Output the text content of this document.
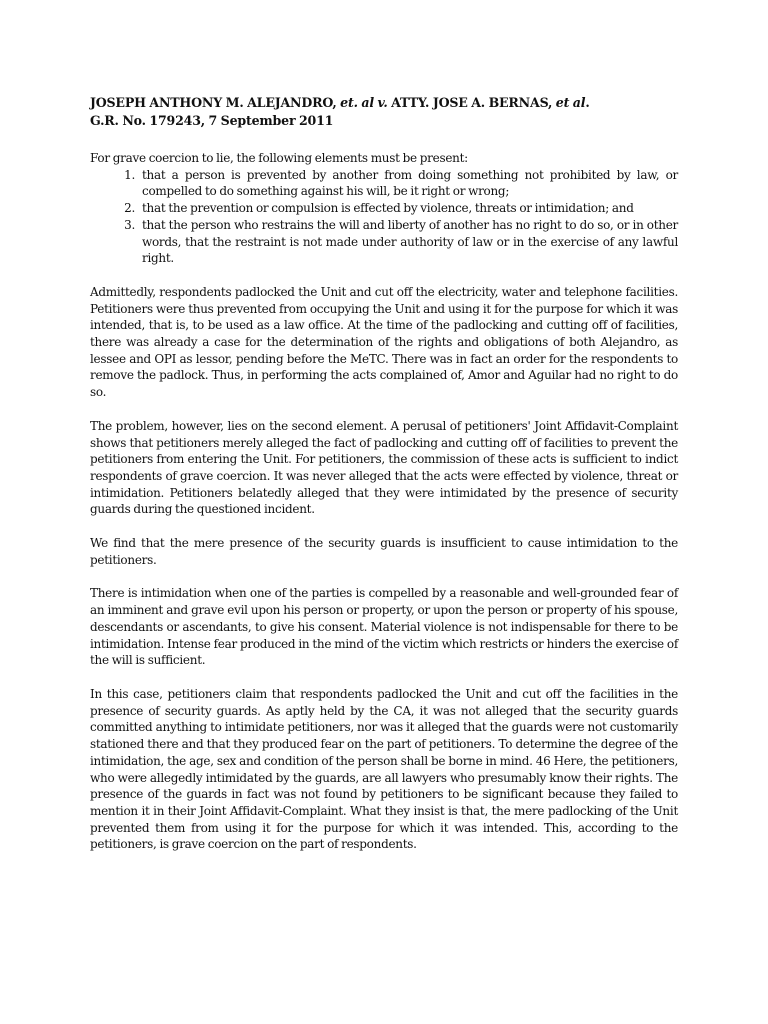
JOSEPH ANTHONY M. ALEJANDRO, et. al v. ATTY. JOSE A. BERNAS, et al.
G.R. No. 179243, 7 September 2011

For grave coercion to lie, the following elements must be present:

1. that a person is prevented by another from doing something not prohibited by law, or compelled to do something against his will, be it right or wrong;
2. that the prevention or compulsion is effected by violence, threats or intimidation; and
3. that the person who restrains the will and liberty of another has no right to do so, or in other words, that the restraint is not made under authority of law or in the exercise of any lawful right.

Admittedly, respondents padlocked the Unit and cut off the electricity, water and telephone facilities. Petitioners were thus prevented from occupying the Unit and using it for the purpose for which it was intended, that is, to be used as a law office. At the time of the padlocking and cutting off of facilities, there was already a case for the determination of the rights and obligations of both Alejandro, as lessee and OPI as lessor, pending before the MeTC. There was in fact an order for the respondents to remove the padlock. Thus, in performing the acts complained of, Amor and Aguilar had no right to do so.

The problem, however, lies on the second element. A perusal of petitioners' Joint Affidavit-Complaint shows that petitioners merely alleged the fact of padlocking and cutting off of facilities to prevent the petitioners from entering the Unit. For petitioners, the commission of these acts is sufficient to indict respondents of grave coercion. It was never alleged that the acts were effected by violence, threat or intimidation. Petitioners belatedly alleged that they were intimidated by the presence of security guards during the questioned incident.

We find that the mere presence of the security guards is insufficient to cause intimidation to the petitioners.

There is intimidation when one of the parties is compelled by a reasonable and well-grounded fear of an imminent and grave evil upon his person or property, or upon the person or property of his spouse, descendants or ascendants, to give his consent. Material violence is not indispensable for there to be intimidation. Intense fear produced in the mind of the victim which restricts or hinders the exercise of the will is sufficient.

In this case, petitioners claim that respondents padlocked the Unit and cut off the facilities in the presence of security guards. As aptly held by the CA, it was not alleged that the security guards committed anything to intimidate petitioners, nor was it alleged that the guards were not customarily stationed there and that they produced fear on the part of petitioners. To determine the degree of the intimidation, the age, sex and condition of the person shall be borne in mind. 46 Here, the petitioners, who were allegedly intimidated by the guards, are all lawyers who presumably know their rights. The presence of the guards in fact was not found by petitioners to be significant because they failed to mention it in their Joint Affidavit-Complaint. What they insist is that, the mere padlocking of the Unit prevented them from using it for the purpose for which it was intended. This, according to the petitioners, is grave coercion on the part of respondents.
